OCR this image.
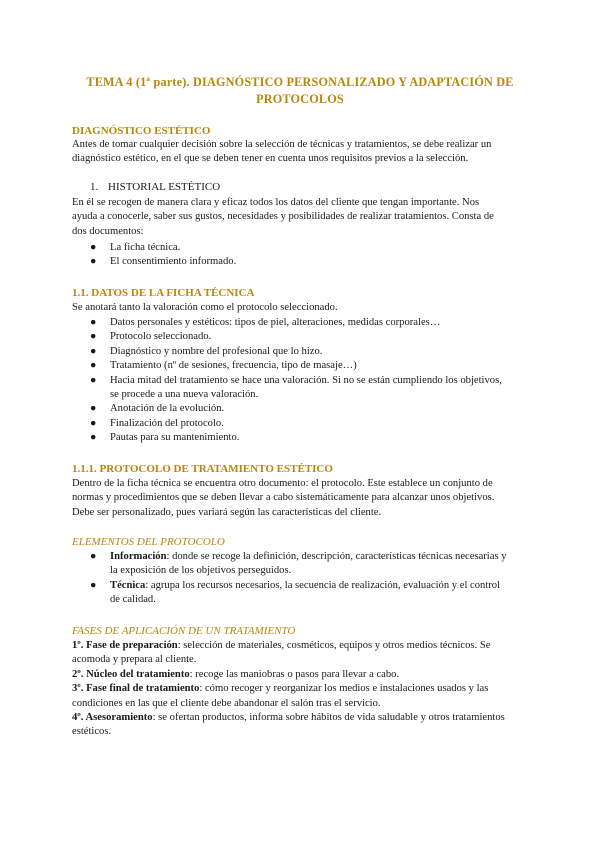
TEMA 4 (1ª parte). DIAGNÓSTICO PERSONALIZADO Y ADAPTACIÓN DE
PROTOCOLOS
DIAGNÓSTICO ESTÉTICO
Antes de tomar cualquier decisión sobre la selección de técnicas y tratamientos, se debe realizar un
diagnóstico estético, en el que se deben tener en cuenta unos requisitos previos a la selección.
1. HISTORIAL ESTÉTICO
En él se recogen de manera clara y eficaz todos los datos del cliente que tengan importante. Nos
ayuda a conocerle, saber sus gustos, necesidades y posibilidades de realizar tratamientos. Consta de
dos documentos:
● La ficha técnica.
● El consentimiento informado.
1.1. DATOS DE LA FICHA TÉCNICA
Se anotará tanto la valoración como el protocolo seleccionado.
● Datos personales y estéticos: tipos de piel, alteraciones, medidas corporales…
● Protocolo seleccionado.
● Diagnóstico y nombre del profesional que lo hizo.
● Tratamiento (nº de sesiones, frecuencia, tipo de masaje…)
● Hacia mitad del tratamiento se hace una valoración. Si no se están cumpliendo los objetivos,
se procede a una nueva valoración.
● Anotación de la evolución.
● Finalización del protocolo.
● Pautas para su mantenimiento.
1.1.1. PROTOCOLO DE TRATAMIENTO ESTÉTICO
Dentro de la ficha técnica se encuentra otro documento: el protocolo. Este establece un conjunto de
normas y procedimientos que se deben llevar a cabo sistemáticamente para alcanzar unos objetivos.
Debe ser personalizado, pues variará según las características del cliente.
ELEMENTOS DEL PROTOCOLO
● Información: donde se recoge la definición, descripción, características técnicas necesarias y
la exposición de los objetivos perseguidos.
● Técnica: agrupa los recursos necesarios, la secuencia de realización, evaluación y el control
de calidad.
FASES DE APLICACIÓN DE UN TRATAMIENTO
1º. Fase de preparación: selección de materiales, cosméticos, equipos y otros medios técnicos. Se
acomoda y prepara al cliente.
2º. Núcleo del tratamiento: recoge las maniobras o pasos para llevar a cabo.
3º. Fase final de tratamiento: cómo recoger y reorganizar los medios e instalaciones usados y las
condiciones en las que el cliente debe abandonar el salón tras el servicio.
4º. Asesoramiento: se ofertan productos, informa sobre hábitos de vida saludable y otros tratamientos
estéticos.
